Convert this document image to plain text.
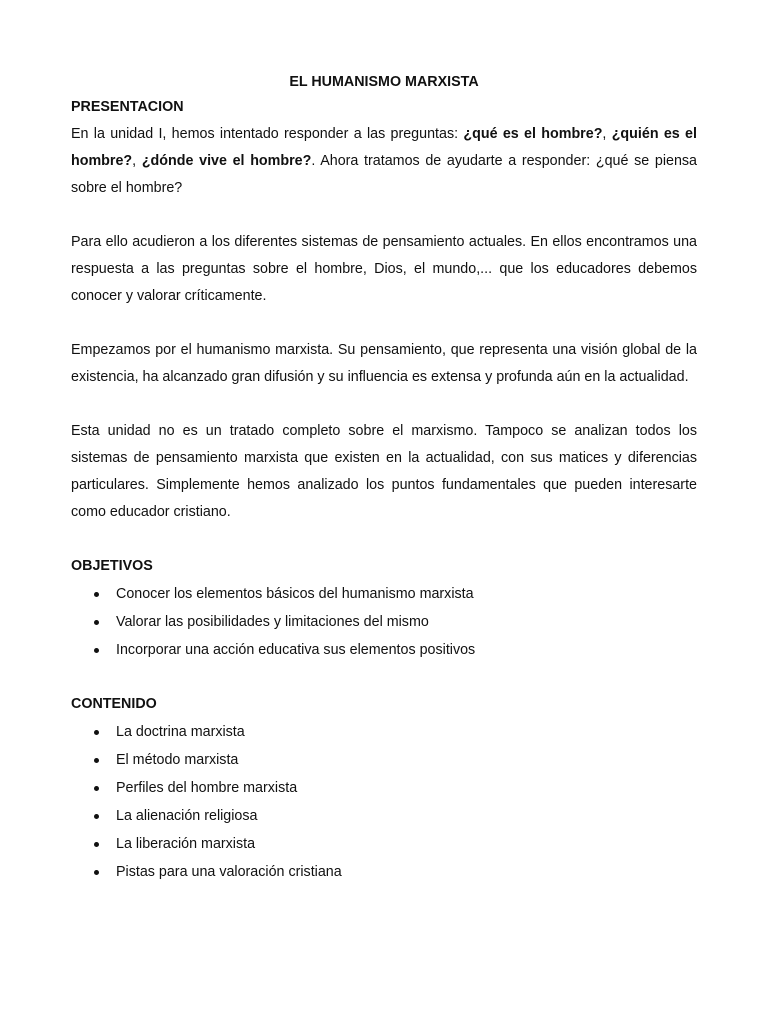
EL HUMANISMO MARXISTA

PRESENTACION

En la unidad I, hemos intentado responder a las preguntas: ¿qué es el hombre?, ¿quién es el hombre?, ¿dónde vive el hombre?. Ahora tratamos de ayudarte a responder: ¿qué se piensa sobre el hombre?

Para ello acudieron a los diferentes sistemas de pensamiento actuales. En ellos encontramos una respuesta a las preguntas sobre el hombre, Dios, el mundo,... que los educadores debemos conocer y valorar críticamente.

Empezamos por el humanismo marxista. Su pensamiento, que representa una visión global de la existencia, ha alcanzado gran difusión y su influencia es extensa y profunda aún en la actualidad.

Esta unidad no es un tratado completo sobre el marxismo. Tampoco se analizan todos los sistemas de pensamiento marxista que existen en la actualidad, con sus matices y diferencias particulares. Simplemente hemos analizado los puntos fundamentales que pueden interesarte como educador cristiano.

OBJETIVOS

Conocer los elementos básicos del humanismo marxista
Valorar las posibilidades y limitaciones del mismo
Incorporar una acción educativa sus elementos positivos

CONTENIDO

La doctrina marxista
El método marxista
Perfiles del hombre marxista
La alienación religiosa
La liberación marxista
Pistas para una valoración cristiana
